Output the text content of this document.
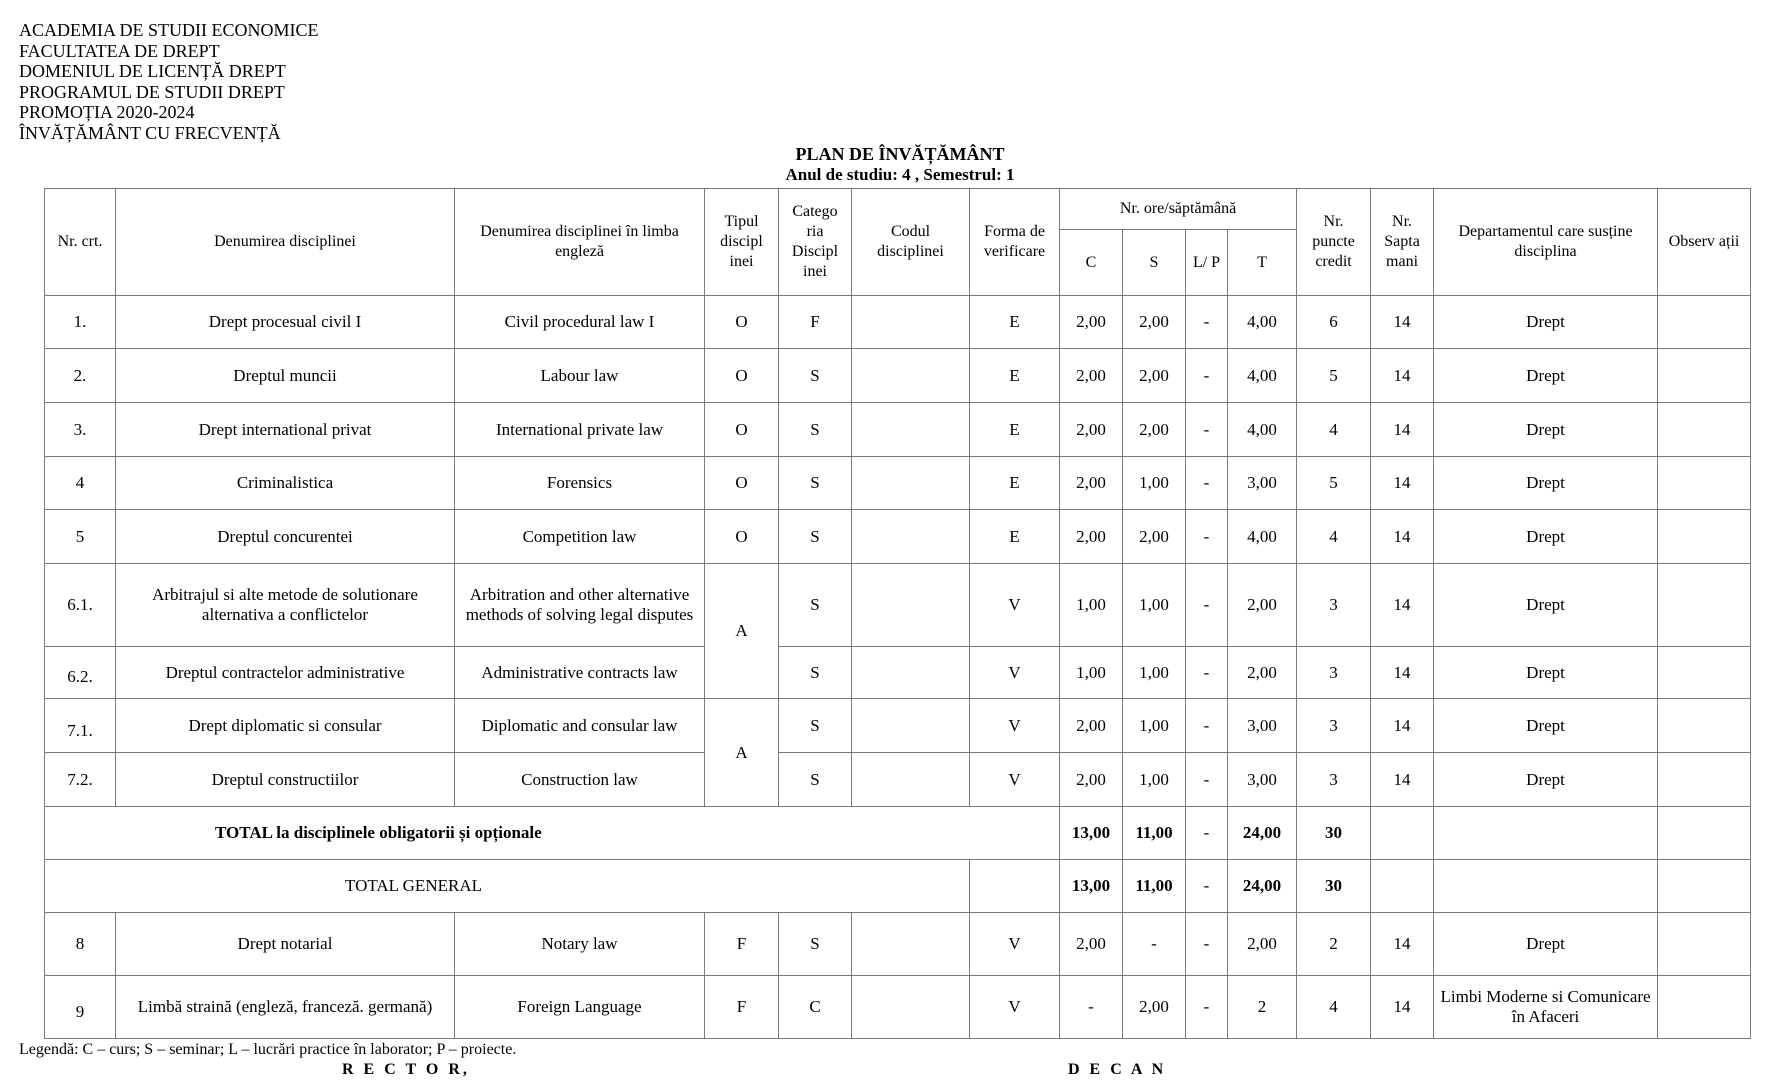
ACADEMIA DE STUDII ECONOMICE
FACULTATEA DE DREPT
DOMENIUL DE LICENȚĂ DREPT
PROGRAMUL DE STUDII DREPT
PROMOȚIA 2020-2024
ÎNVĂȚĂMÂNT CU FRECVENȚĂ
PLAN DE ÎNVĂȚĂMÂNT
Anul de studiu: 4 , Semestrul: 1
Nr. crt.	Denumirea disciplinei	Denumirea disciplinei în limba engleză	Tipul discipl inei	Catego ria Discipl inei	Codul disciplinei	Forma de verificare	Nr. ore/săptămână				Nr. puncte credit	Nr. Sapta mani	Departamentul care susține disciplina	Observ ații
							C	S	L/ P	T				
1.	Drept procesual civil I	Civil procedural law I	O	F		E	2,00	2,00	-	4,00	6	14	Drept	
2.	Dreptul muncii	Labour law	O	S		E	2,00	2,00	-	4,00	5	14	Drept	
3.	Drept international privat	International private law	O	S		E	2,00	2,00	-	4,00	4	14	Drept	
4	Criminalistica	Forensics	O	S		E	2,00	1,00	-	3,00	5	14	Drept	
5	Dreptul concurentei	Competition law	O	S		E	2,00	2,00	-	4,00	4	14	Drept	
6.1.	Arbitrajul si alte metode de solutionare alternativa a conflictelor	Arbitration and other alternative methods of solving legal disputes	A	S		V	1,00	1,00	-	2,00	3	14	Drept	
6.2.	Dreptul contractelor administrative	Administrative contracts law		S		V	1,00	1,00	-	2,00	3	14	Drept	
7.1.	Drept diplomatic si consular	Diplomatic and consular law	A	S		V	2,00	1,00	-	3,00	3	14	Drept	
7.2.	Dreptul constructiilor	Construction law		S		V	2,00	1,00	-	3,00	3	14	Drept	
TOTAL la disciplinele obligatorii și opționale							13,00	11,00	-	24,00	30			
TOTAL GENERAL							13,00	11,00	-	24,00	30			
8	Drept notarial	Notary law	F	S		V	2,00	-	-	2,00	2	14	Drept	
9	Limbă straină (engleză, franceză. germană)	Foreign Language	F	C		V	-	2,00	-	2	4	14	Limbi Moderne si Comunicare în Afaceri	
Legendă: C – curs; S – seminar; L – lucrări practice în laborator; P – proiecte.
R E C T O R,	D E C A N
